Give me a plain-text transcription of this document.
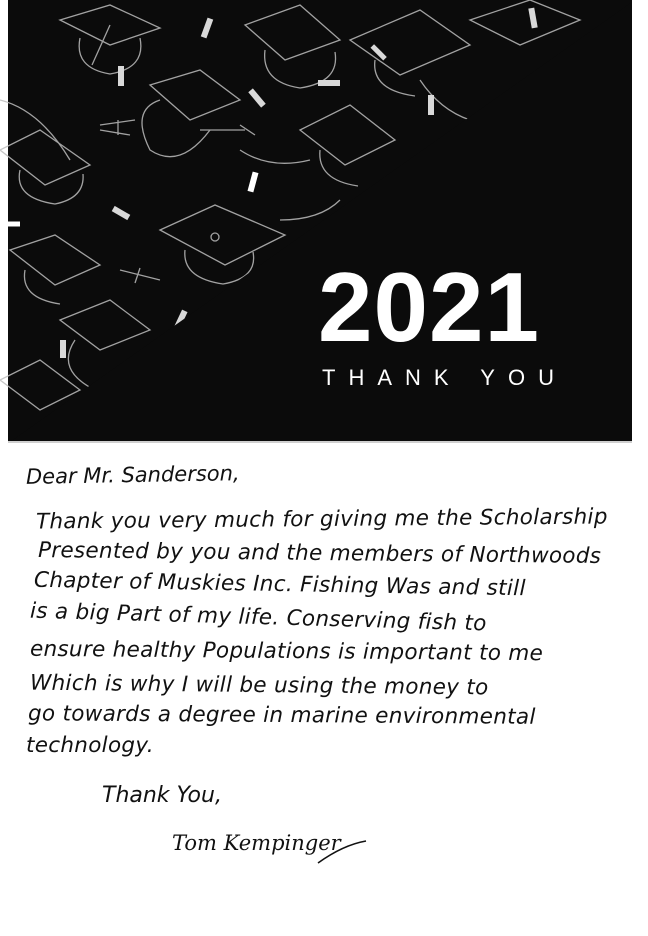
2021
THANK YOU
Dear Mr. Sanderson,
Thank you very much for giving me the Scholarship
Presented by you and the members of Northwoods
Chapter of Muskies Inc. Fishing Was and still
is a big Part of my life. Conserving fish to
ensure healthy Populations is important to me
Which is why I will be using the money to
go towards a degree in marine environmental
technology.
Thank You,
Tom Kempinger
